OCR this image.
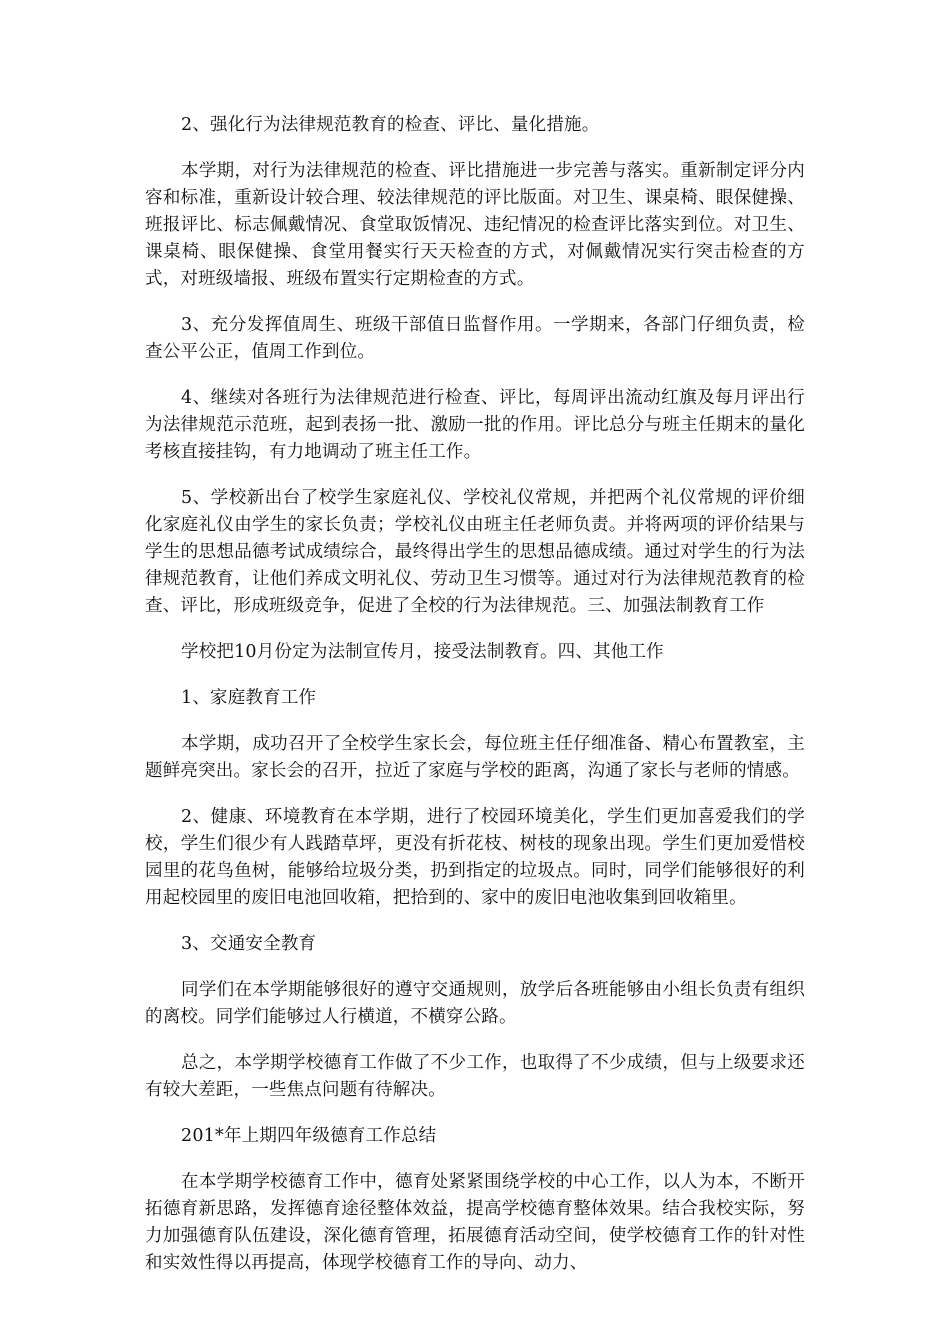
2、强化行为法律规范教育的检查、评比、量化措施。

本学期，对行为法律规范的检查、评比措施进一步完善与落实。重新制定评分内容和标准，重新设计较合理、较法律规范的评比版面。对卫生、课桌椅、眼保健操、班报评比、标志佩戴情况、食堂取饭情况、违纪情况的检查评比落实到位。对卫生、课桌椅、眼保健操、食堂用餐实行天天检查的方式，对佩戴情况实行突击检查的方式，对班级墙报、班级布置实行定期检查的方式。

3、充分发挥值周生、班级干部值日监督作用。一学期来，各部门仔细负责，检查公平公正，值周工作到位。

4、继续对各班行为法律规范进行检查、评比，每周评出流动红旗及每月评出行为法律规范示范班，起到表扬一批、激励一批的作用。评比总分与班主任期末的量化考核直接挂钩，有力地调动了班主任工作。

5、学校新出台了校学生家庭礼仪、学校礼仪常规，并把两个礼仪常规的评价细化家庭礼仪由学生的家长负责；学校礼仪由班主任老师负责。并将两项的评价结果与学生的思想品德考试成绩综合，最终得出学生的思想品德成绩。通过对学生的行为法律规范教育，让他们养成文明礼仪、劳动卫生习惯等。通过对行为法律规范教育的检查、评比，形成班级竞争，促进了全校的行为法律规范。三、加强法制教育工作

学校把10月份定为法制宣传月，接受法制教育。四、其他工作

1、家庭教育工作

本学期，成功召开了全校学生家长会，每位班主任仔细准备、精心布置教室，主题鲜亮突出。家长会的召开，拉近了家庭与学校的距离，沟通了家长与老师的情感。

2、健康、环境教育在本学期，进行了校园环境美化，学生们更加喜爱我们的学校，学生们很少有人践踏草坪，更没有折花枝、树枝的现象出现。学生们更加爱惜校园里的花鸟鱼树，能够给垃圾分类，扔到指定的垃圾点。同时，同学们能够很好的利用起校园里的废旧电池回收箱，把拾到的、家中的废旧电池收集到回收箱里。

3、交通安全教育

同学们在本学期能够很好的遵守交通规则，放学后各班能够由小组长负责有组织的离校。同学们能够过人行横道，不横穿公路。

总之，本学期学校德育工作做了不少工作，也取得了不少成绩，但与上级要求还有较大差距，一些焦点问题有待解决。

201*年上期四年级德育工作总结

在本学期学校德育工作中，德育处紧紧围绕学校的中心工作，以人为本，不断开拓德育新思路，发挥德育途径整体效益，提高学校德育整体效果。结合我校实际，努力加强德育队伍建设，深化德育管理，拓展德育活动空间，使学校德育工作的针对性和实效性得以再提高，体现学校德育工作的导向、动力、
